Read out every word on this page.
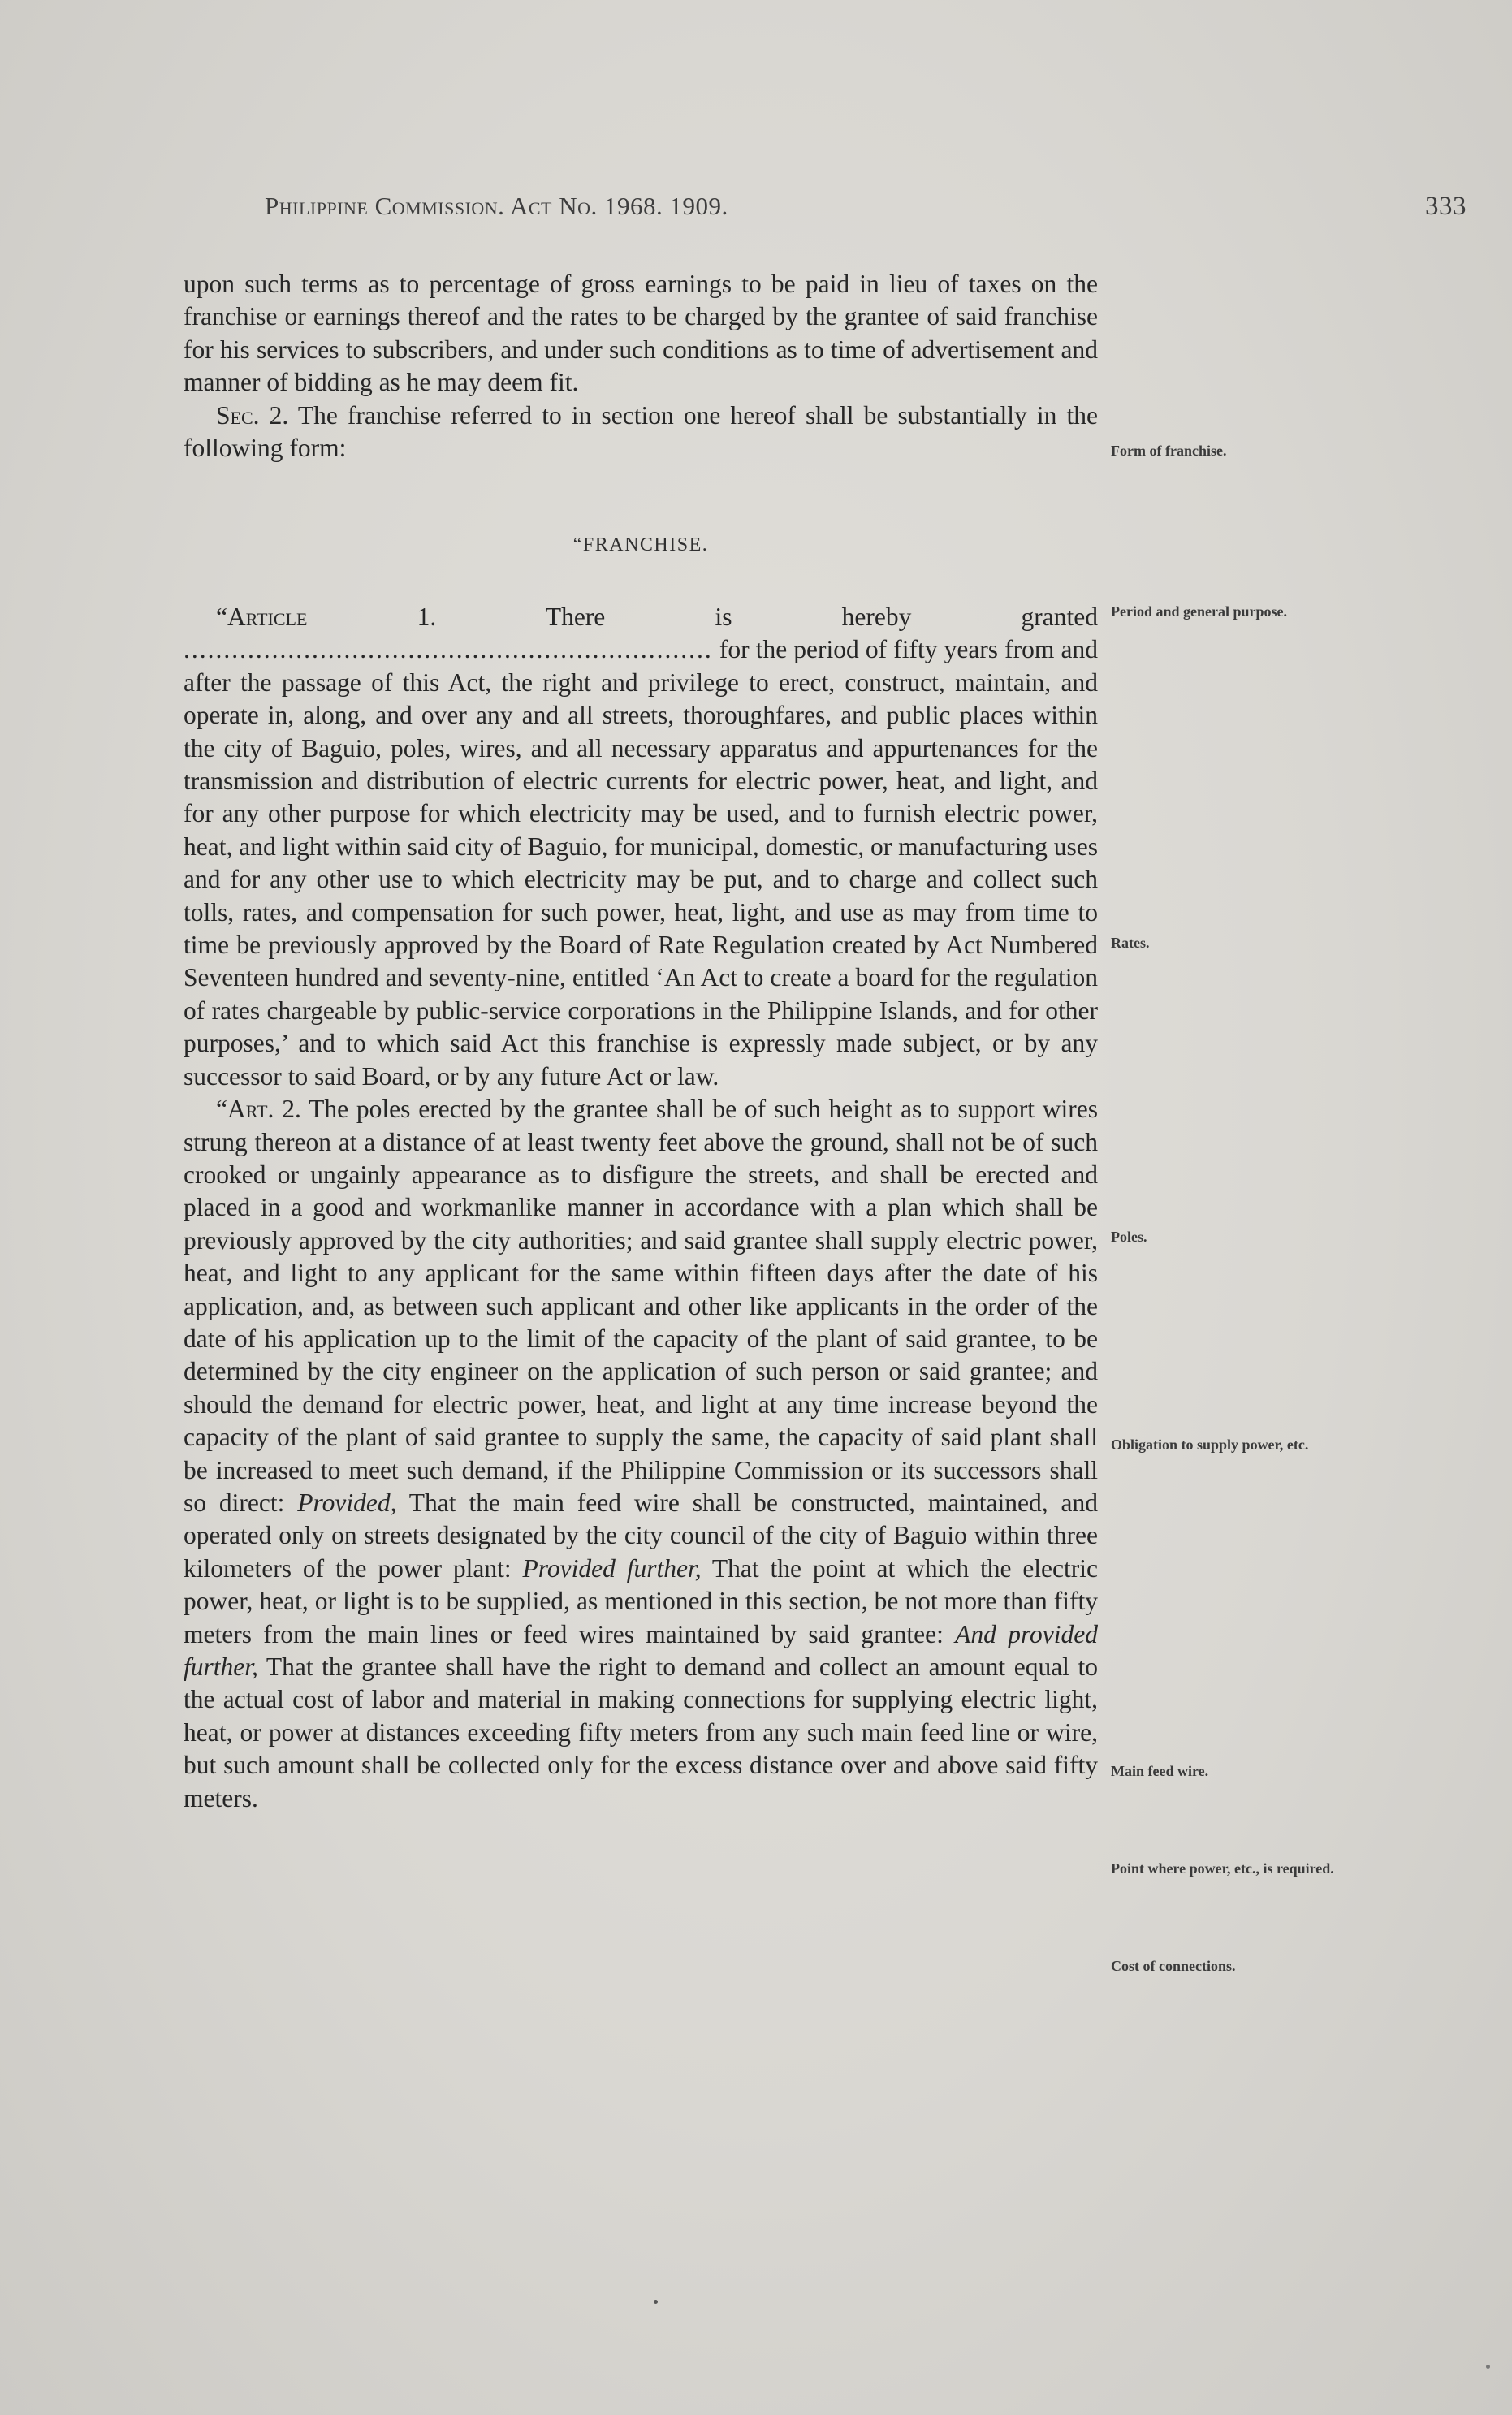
Philippine Commission. Act No. 1968. 1909.	333

upon such terms as to percentage of gross earnings to be paid in lieu of taxes on the franchise or earnings thereof and the rates to be charged by the grantee of said franchise for his services to subscribers, and under such conditions as to time of advertisement and manner of bidding as he may deem fit.

Sec. 2. The franchise referred to in section one hereof shall be substantially in the following form:

“FRANCHISE.

“Article 1. There is hereby granted .................................................................. for the period of fifty years from and after the passage of this Act, the right and privilege to erect, construct, maintain, and operate in, along, and over any and all streets, thoroughfares, and public places within the city of Baguio, poles, wires, and all necessary apparatus and appurtenances for the transmission and distribution of electric currents for electric power, heat, and light, and for any other purpose for which electricity may be used, and to furnish electric power, heat, and light within said city of Baguio, for municipal, domestic, or manufacturing uses and for any other use to which electricity may be put, and to charge and collect such tolls, rates, and compensation for such power, heat, light, and use as may from time to time be previously approved by the Board of Rate Regulation created by Act Numbered Seventeen hundred and seventy-nine, entitled ‘An Act to create a board for the regulation of rates chargeable by public-service corporations in the Philippine Islands, and for other purposes,’ and to which said Act this franchise is expressly made subject, or by any successor to said Board, or by any future Act or law.

“Art. 2. The poles erected by the grantee shall be of such height as to support wires strung thereon at a distance of at least twenty feet above the ground, shall not be of such crooked or ungainly appearance as to disfigure the streets, and shall be erected and placed in a good and workmanlike manner in accordance with a plan which shall be previously approved by the city authorities; and said grantee shall supply electric power, heat, and light to any applicant for the same within fifteen days after the date of his application, and, as between such applicant and other like applicants in the order of the date of his application up to the limit of the capacity of the plant of said grantee, to be determined by the city engineer on the application of such person or said grantee; and should the demand for electric power, heat, and light at any time increase beyond the capacity of the plant of said grantee to supply the same, the capacity of said plant shall be increased to meet such demand, if the Philippine Commission or its successors shall so direct: Provided, That the main feed wire shall be constructed, maintained, and operated only on streets designated by the city council of the city of Baguio within three kilometers of the power plant: Provided further, That the point at which the electric power, heat, or light is to be supplied, as mentioned in this section, be not more than fifty meters from the main lines or feed wires maintained by said grantee: And provided further, That the grantee shall have the right to demand and collect an amount equal to the actual cost of labor and material in making connections for supplying electric light, heat, or power at distances exceeding fifty meters from any such main feed line or wire, but such amount shall be collected only for the excess distance over and above said fifty meters.

Form of franchise.
Period and general purpose.
Rates.
Poles.
Obligation to supply power, etc.
Main feed wire.
Point where power, etc., is required.
Cost of connections.
